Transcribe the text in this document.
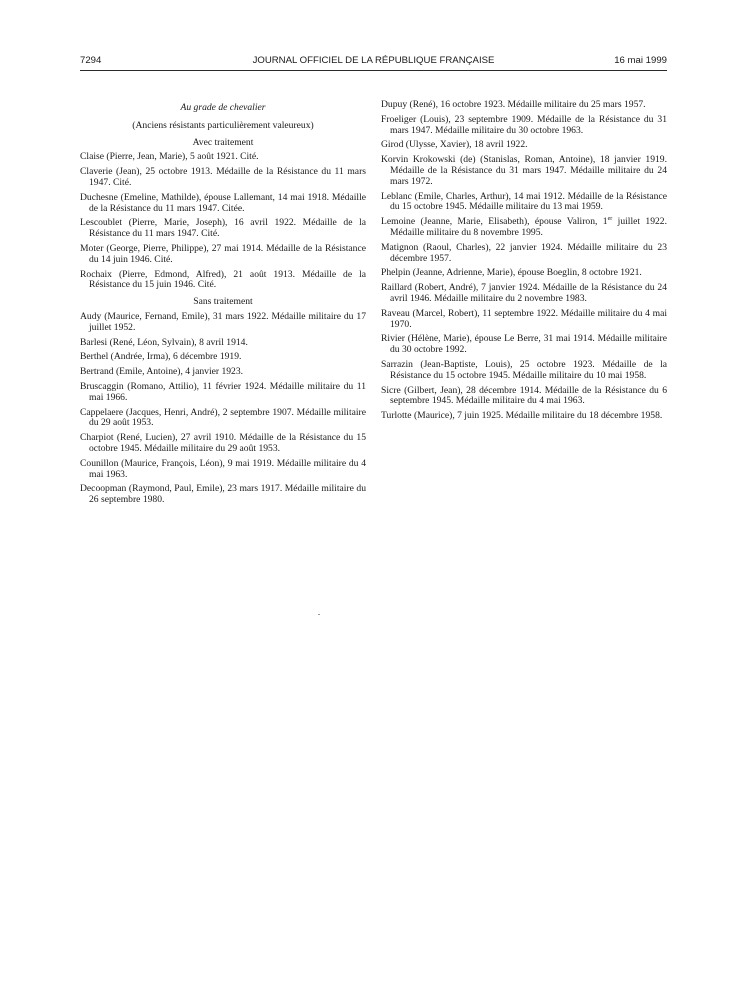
7294	JOURNAL OFFICIEL DE LA RÉPUBLIQUE FRANÇAISE	16 mai 1999
Au grade de chevalier
(Anciens résistants particulièrement valeureux)
Avec traitement
Claise (Pierre, Jean, Marie), 5 août 1921. Cité.
Claverie (Jean), 25 octobre 1913. Médaille de la Résistance du 11 mars 1947. Cité.
Duchesne (Emeline, Mathilde), épouse Lallemant, 14 mai 1918. Médaille de la Résistance du 11 mars 1947. Citée.
Lescoublet (Pierre, Marie, Joseph), 16 avril 1922. Médaille de la Résistance du 11 mars 1947. Cité.
Moter (George, Pierre, Philippe), 27 mai 1914. Médaille de la Résistance du 14 juin 1946. Cité.
Rochaix (Pierre, Edmond, Alfred), 21 août 1913. Médaille de la Résistance du 15 juin 1946. Cité.
Sans traitement
Audy (Maurice, Fernand, Emile), 31 mars 1922. Médaille militaire du 17 juillet 1952.
Barlesi (René, Léon, Sylvain), 8 avril 1914.
Berthel (Andrée, Irma), 6 décembre 1919.
Bertrand (Emile, Antoine), 4 janvier 1923.
Bruscaggin (Romano, Attilio), 11 février 1924. Médaille militaire du 11 mai 1966.
Cappelaere (Jacques, Henri, André), 2 septembre 1907. Médaille militaire du 29 août 1953.
Charpiot (René, Lucien), 27 avril 1910. Médaille de la Résistance du 15 octobre 1945. Médaille militaire du 29 août 1953.
Counillon (Maurice, François, Léon), 9 mai 1919. Médaille militaire du 4 mai 1963.
Decoopman (Raymond, Paul, Emile), 23 mars 1917. Médaille militaire du 26 septembre 1980.
Dupuy (René), 16 octobre 1923. Médaille militaire du 25 mars 1957.
Froeliger (Louis), 23 septembre 1909. Médaille de la Résistance du 31 mars 1947. Médaille militaire du 30 octobre 1963.
Girod (Ulysse, Xavier), 18 avril 1922.
Korvin Krokowski (de) (Stanislas, Roman, Antoine), 18 janvier 1919. Médaille de la Résistance du 31 mars 1947. Médaille militaire du 24 mars 1972.
Leblanc (Emile, Charles, Arthur), 14 mai 1912. Médaille de la Résistance du 15 octobre 1945. Médaille militaire du 13 mai 1959.
Lemoine (Jeanne, Marie, Elisabeth), épouse Valiron, 1er juillet 1922. Médaille militaire du 8 novembre 1995.
Matignon (Raoul, Charles), 22 janvier 1924. Médaille militaire du 23 décembre 1957.
Phelpin (Jeanne, Adrienne, Marie), épouse Boeglin, 8 octobre 1921.
Raillard (Robert, André), 7 janvier 1924. Médaille de la Résistance du 24 avril 1946. Médaille militaire du 2 novembre 1983.
Raveau (Marcel, Robert), 11 septembre 1922. Médaille militaire du 4 mai 1970.
Rivier (Hélène, Marie), épouse Le Berre, 31 mai 1914. Médaille militaire du 30 octobre 1992.
Sarrazin (Jean-Baptiste, Louis), 25 octobre 1923. Médaille de la Résistance du 15 octobre 1945. Médaille militaire du 10 mai 1958.
Sicre (Gilbert, Jean), 28 décembre 1914. Médaille de la Résistance du 6 septembre 1945. Médaille militaire du 4 mai 1963.
Turlotte (Maurice), 7 juin 1925. Médaille militaire du 18 décembre 1958.
